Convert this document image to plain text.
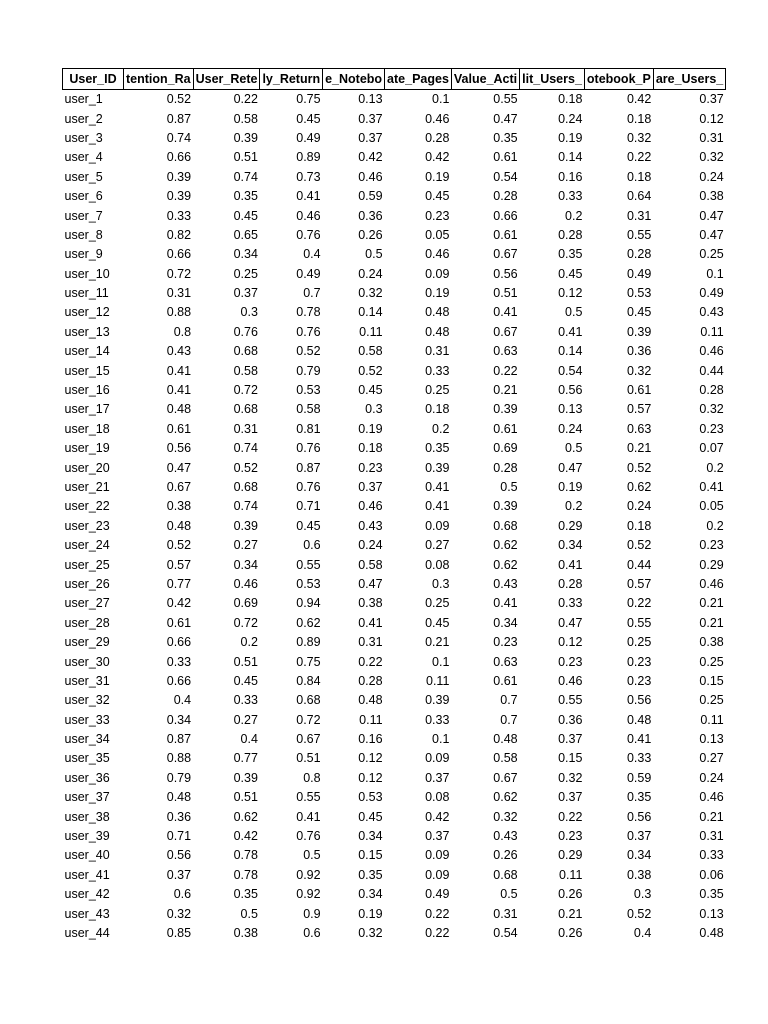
User_ID	tention_Ra	User_Rete	ly_Return	e_Notebo	ate_Pages	Value_Acti	lit_Users_	otebook_P	are_Users_
user_1	0.52	0.22	0.75	0.13	0.1	0.55	0.18	0.42	0.37
user_2	0.87	0.58	0.45	0.37	0.46	0.47	0.24	0.18	0.12
user_3	0.74	0.39	0.49	0.37	0.28	0.35	0.19	0.32	0.31
user_4	0.66	0.51	0.89	0.42	0.42	0.61	0.14	0.22	0.32
user_5	0.39	0.74	0.73	0.46	0.19	0.54	0.16	0.18	0.24
user_6	0.39	0.35	0.41	0.59	0.45	0.28	0.33	0.64	0.38
user_7	0.33	0.45	0.46	0.36	0.23	0.66	0.2	0.31	0.47
user_8	0.82	0.65	0.76	0.26	0.05	0.61	0.28	0.55	0.47
user_9	0.66	0.34	0.4	0.5	0.46	0.67	0.35	0.28	0.25
user_10	0.72	0.25	0.49	0.24	0.09	0.56	0.45	0.49	0.1
user_11	0.31	0.37	0.7	0.32	0.19	0.51	0.12	0.53	0.49
user_12	0.88	0.3	0.78	0.14	0.48	0.41	0.5	0.45	0.43
user_13	0.8	0.76	0.76	0.11	0.48	0.67	0.41	0.39	0.11
user_14	0.43	0.68	0.52	0.58	0.31	0.63	0.14	0.36	0.46
user_15	0.41	0.58	0.79	0.52	0.33	0.22	0.54	0.32	0.44
user_16	0.41	0.72	0.53	0.45	0.25	0.21	0.56	0.61	0.28
user_17	0.48	0.68	0.58	0.3	0.18	0.39	0.13	0.57	0.32
user_18	0.61	0.31	0.81	0.19	0.2	0.61	0.24	0.63	0.23
user_19	0.56	0.74	0.76	0.18	0.35	0.69	0.5	0.21	0.07
user_20	0.47	0.52	0.87	0.23	0.39	0.28	0.47	0.52	0.2
user_21	0.67	0.68	0.76	0.37	0.41	0.5	0.19	0.62	0.41
user_22	0.38	0.74	0.71	0.46	0.41	0.39	0.2	0.24	0.05
user_23	0.48	0.39	0.45	0.43	0.09	0.68	0.29	0.18	0.2
user_24	0.52	0.27	0.6	0.24	0.27	0.62	0.34	0.52	0.23
user_25	0.57	0.34	0.55	0.58	0.08	0.62	0.41	0.44	0.29
user_26	0.77	0.46	0.53	0.47	0.3	0.43	0.28	0.57	0.46
user_27	0.42	0.69	0.94	0.38	0.25	0.41	0.33	0.22	0.21
user_28	0.61	0.72	0.62	0.41	0.45	0.34	0.47	0.55	0.21
user_29	0.66	0.2	0.89	0.31	0.21	0.23	0.12	0.25	0.38
user_30	0.33	0.51	0.75	0.22	0.1	0.63	0.23	0.23	0.25
user_31	0.66	0.45	0.84	0.28	0.11	0.61	0.46	0.23	0.15
user_32	0.4	0.33	0.68	0.48	0.39	0.7	0.55	0.56	0.25
user_33	0.34	0.27	0.72	0.11	0.33	0.7	0.36	0.48	0.11
user_34	0.87	0.4	0.67	0.16	0.1	0.48	0.37	0.41	0.13
user_35	0.88	0.77	0.51	0.12	0.09	0.58	0.15	0.33	0.27
user_36	0.79	0.39	0.8	0.12	0.37	0.67	0.32	0.59	0.24
user_37	0.48	0.51	0.55	0.53	0.08	0.62	0.37	0.35	0.46
user_38	0.36	0.62	0.41	0.45	0.42	0.32	0.22	0.56	0.21
user_39	0.71	0.42	0.76	0.34	0.37	0.43	0.23	0.37	0.31
user_40	0.56	0.78	0.5	0.15	0.09	0.26	0.29	0.34	0.33
user_41	0.37	0.78	0.92	0.35	0.09	0.68	0.11	0.38	0.06
user_42	0.6	0.35	0.92	0.34	0.49	0.5	0.26	0.3	0.35
user_43	0.32	0.5	0.9	0.19	0.22	0.31	0.21	0.52	0.13
user_44	0.85	0.38	0.6	0.32	0.22	0.54	0.26	0.4	0.48
